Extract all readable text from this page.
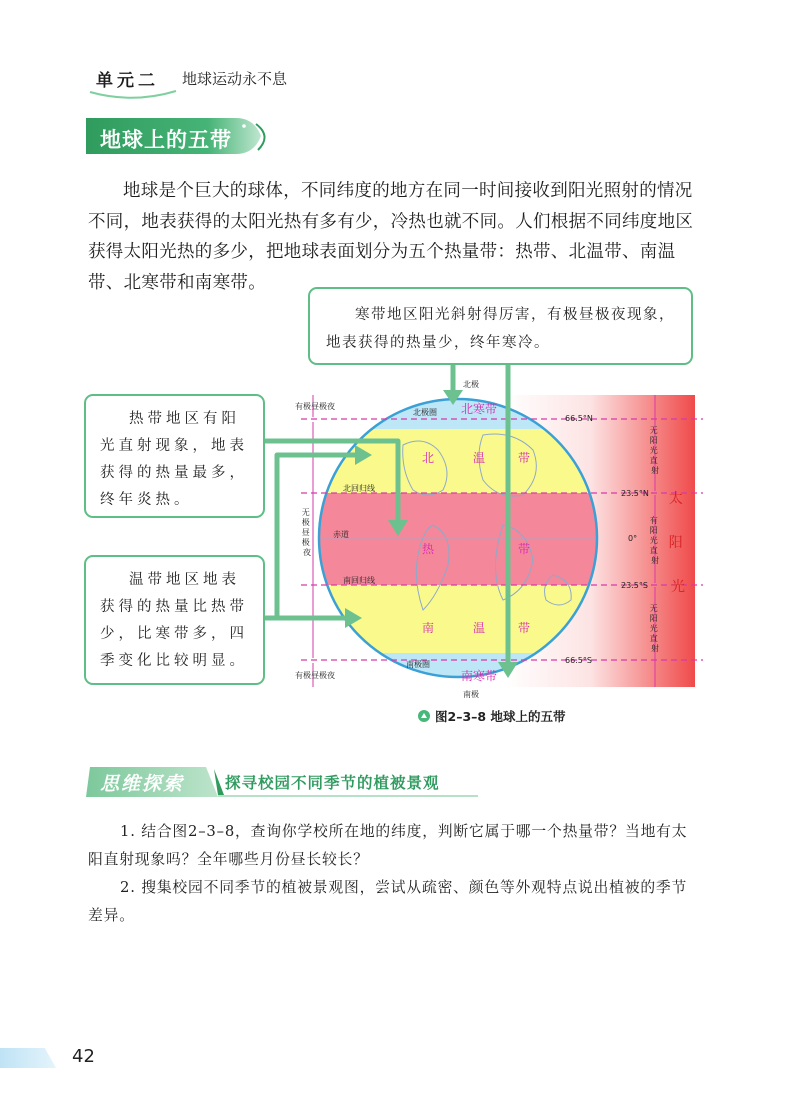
单元二 地球运动永不息
地球上的五带
地球是个巨大的球体，不同纬度的地方在同一时间接收到阳光照射的情况不同，地表获得的太阳光热有多有少，冷热也就不同。人们根据不同纬度地区获得太阳光热的多少，把地球表面划分为五个热量带：热带、北温带、南温带、北寒带和南寒带。
北极
南极
北极圈
南极圈
北回归线
南回归线
赤道
有极昼极夜
有极昼极夜
66.5°N
23.5°N
0°
23.5°S
66.5°S
无 极 昼 极 夜
无 阳 光 直 射
有 阳 光 直 射
无 阳 光 直 射
太 阳 光
北寒带
南寒带
北	温	带
热	带
南	温	带

寒带地区阳光斜射得厉害，有极昼极夜现象，地表获得的热量少，终年寒冷。

热带地区有阳光直射现象，地表获得的热量最多，终年炎热。

温带地区地表获得的热量比热带少，比寒带多，四季变化比较明显。

图2–3–8 地球上的五带
思维探索	探寻校园不同季节的植被景观
1. 结合图2–3–8，查询你学校所在地的纬度，判断它属于哪一个热量带？当地有太阳直射现象吗？全年哪些月份昼长较长？
2. 搜集校园不同季节的植被景观图，尝试从疏密、颜色等外观特点说出植被的季节差异。
42
